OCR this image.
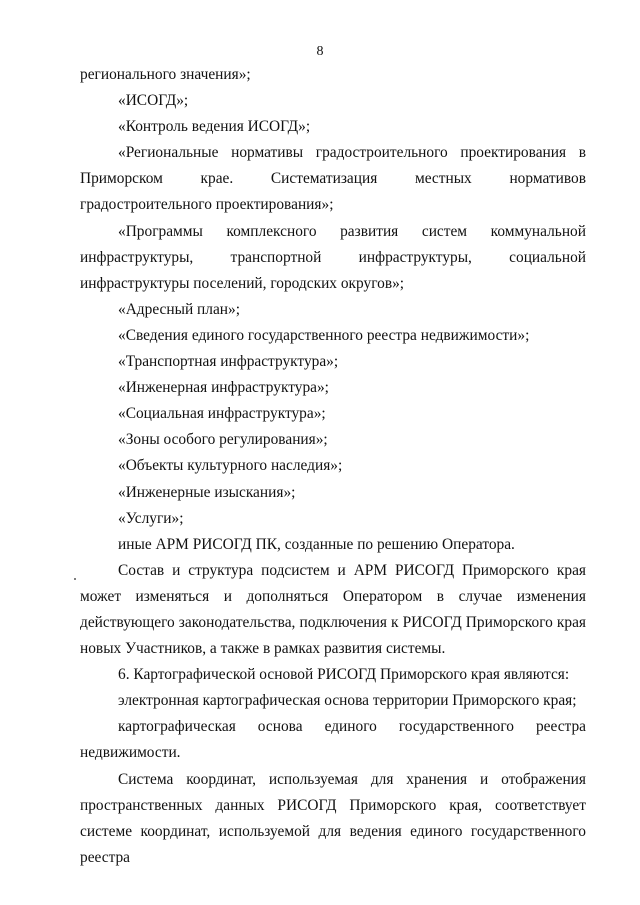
8

регионального значения»;

«ИСОГД»;

«Контроль ведения ИСОГД»;

«Региональные нормативы градостроительного проектирования в Приморском крае. Систематизация местных нормативов градостроительного проектирования»;

«Программы комплексного развития систем коммунальной инфраструктуры, транспортной инфраструктуры, социальной инфраструктуры поселений, городских округов»;

«Адресный план»;

«Сведения единого государственного реестра недвижимости»;

«Транспортная инфраструктура»;

«Инженерная инфраструктура»;

«Социальная инфраструктура»;

«Зоны особого регулирования»;

«Объекты культурного наследия»;

«Инженерные изыскания»;

«Услуги»;

иные АРМ РИСОГД ПК, созданные по решению Оператора.

Состав и структура подсистем и АРМ РИСОГД Приморского края может изменяться и дополняться Оператором в случае изменения действующего законодательства, подключения к РИСОГД Приморского края новых Участников, а также в рамках развития системы.

6. Картографической основой РИСОГД Приморского края являются:

электронная картографическая основа территории Приморского края;

картографическая основа единого государственного реестра недвижимости.

Система координат, используемая для хранения и отображения пространственных данных РИСОГД Приморского края, соответствует системе координат, используемой для ведения единого государственного реестра
